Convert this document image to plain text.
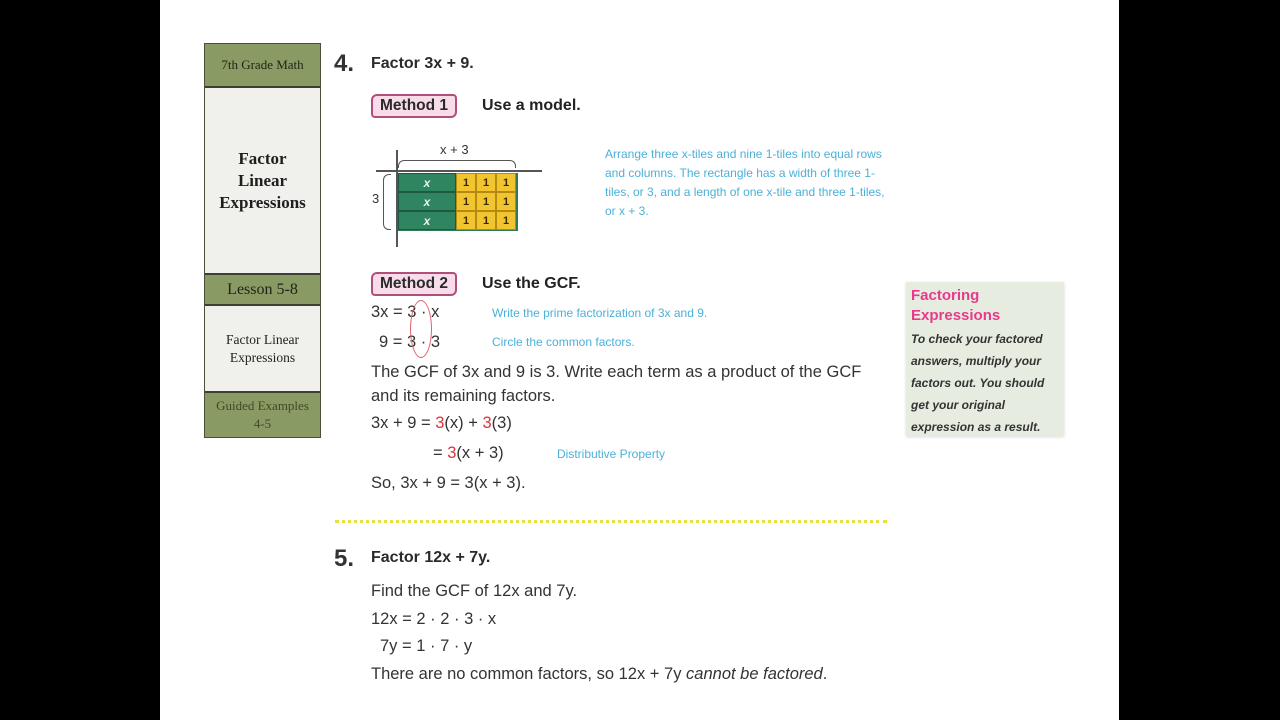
7th Grade Math
Factor Linear Expressions
Lesson 5-8
Factor Linear Expressions
Guided Examples 4-5
4. Factor 3x + 9.
Method 1	Use a model.
x + 3
3
x	1	1	1
x	1	1	1
x	1	1	1
Arrange three x-tiles and nine 1-tiles into equal rows and columns. The rectangle has a width of three 1-tiles, or 3, and a length of one x-tile and three 1-tiles, or x + 3.
Method 2	Use the GCF.
3x = 3 · x
9 = 3 · 3
Write the prime factorization of 3x and 9.
Circle the common factors.
The GCF of 3x and 9 is 3. Write each term as a product of the GCF and its remaining factors.
3x + 9 = 3(x) + 3(3)
= 3(x + 3)	Distributive Property
So, 3x + 9 = 3(x + 3).
Factoring Expressions
To check your factored answers, multiply your factors out. You should get your original expression as a result.
5. Factor 12x + 7y.
Find the GCF of 12x and 7y.
12x = 2 · 2 · 3 · x
7y = 1 · 7 · y
There are no common factors, so 12x + 7y cannot be factored.
